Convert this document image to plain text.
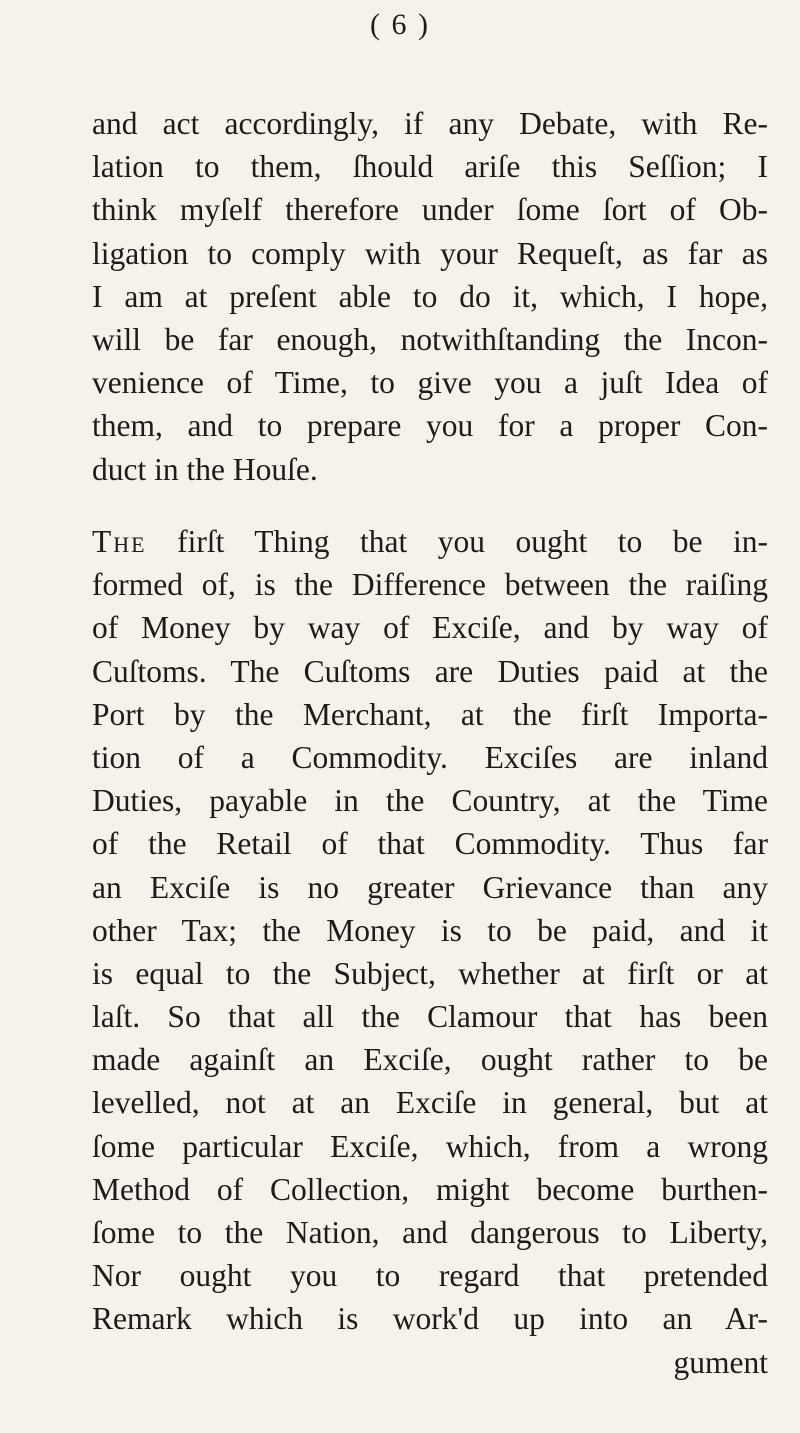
( 6 )
and act accordingly, if any Debate, with Re-
lation to them, ſhould ariſe this Seſſion; I
think myſelf therefore under ſome ſort of Ob-
ligation to comply with your Requeſt, as far as
I am at preſent able to do it, which, I hope,
will be far enough, notwithſtanding the Incon-
venience of Time, to give you a juſt Idea of
them, and to prepare you for a proper Con-
duct in the Houſe.
The firſt Thing that you ought to be in-
formed of, is the Difference between the raiſing
of Money by way of Exciſe, and by way of
Cuſtoms. The Cuſtoms are Duties paid at the
Port by the Merchant, at the firſt Importa-
tion of a Commodity. Exciſes are inland
Duties, payable in the Country, at the Time
of the Retail of that Commodity. Thus far
an Exciſe is no greater Grievance than any
other Tax; the Money is to be paid, and it
is equal to the Subject, whether at firſt or at
laſt. So that all the Clamour that has been
made againſt an Exciſe, ought rather to be
levelled, not at an Exciſe in general, but at
ſome particular Exciſe, which, from a wrong
Method of Collection, might become burthen-
ſome to the Nation, and dangerous to Liberty,
Nor ought you to regard that pretended
Remark which is work'd up into an Ar-
gument
